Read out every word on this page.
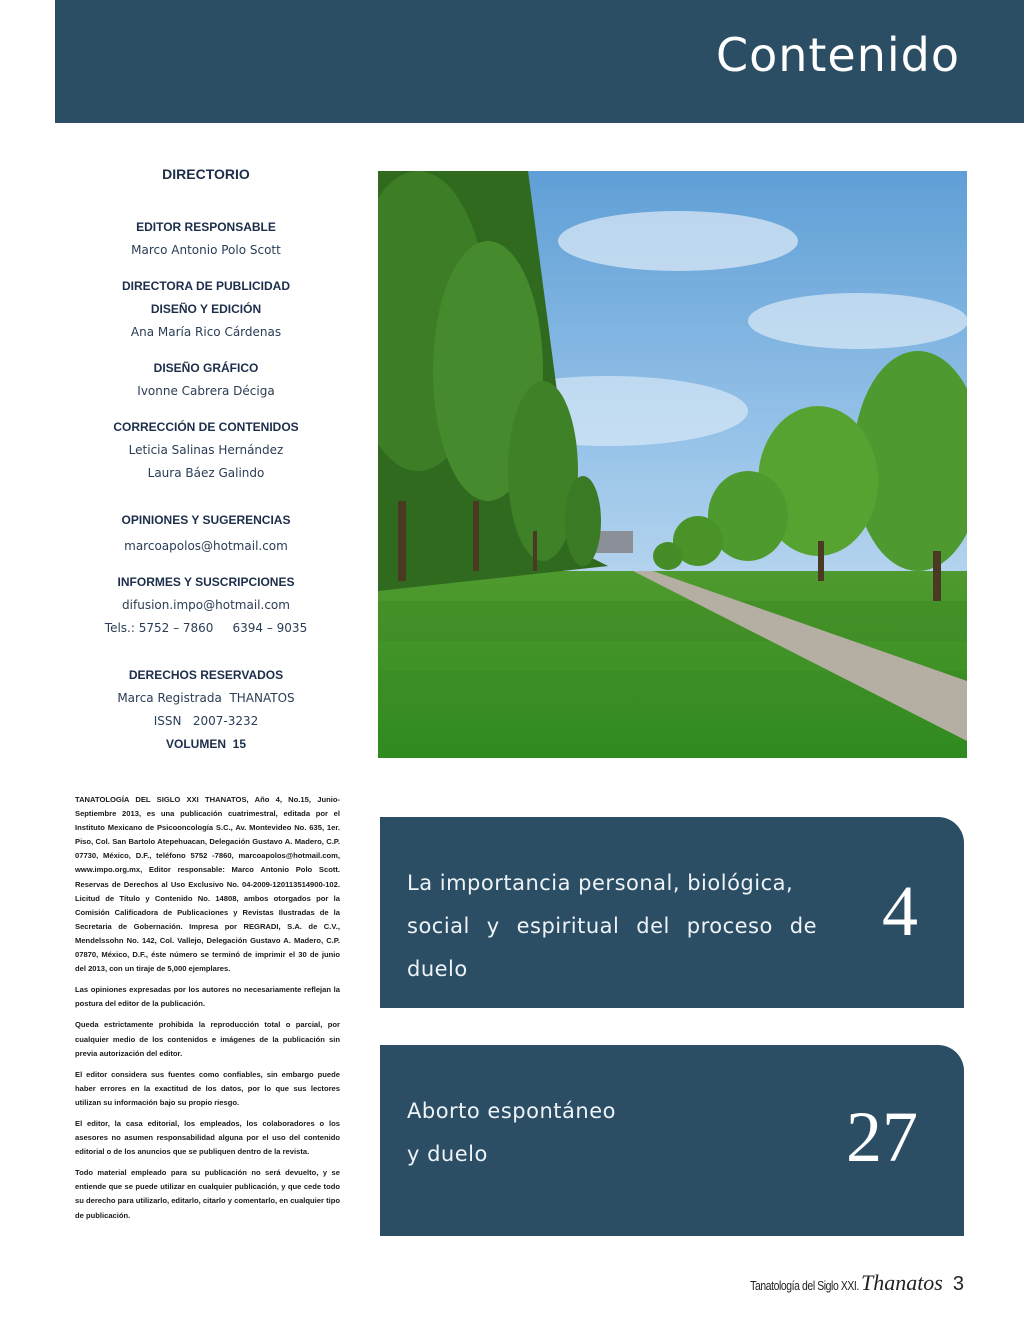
Contenido
DIRECTORIO
EDITOR RESPONSABLE
Marco Antonio Polo Scott
DIRECTORA DE PUBLICIDAD
DISEÑO Y EDICIÓN
Ana María Rico Cárdenas
DISEÑO GRÁFICO
Ivonne Cabrera Déciga
CORRECCIÓN DE CONTENIDOS
Leticia Salinas Hernández
Laura Báez Galindo
OPINIONES Y SUGERENCIAS
marcoapolos@hotmail.com
INFORMES Y SUSCRIPCIONES
difusion.impo@hotmail.com
Tels.: 5752 – 7860     6394 – 9035
DERECHOS RESERVADOS
Marca Registrada  THANATOS
ISSN   2007-3232
VOLUMEN  15

TANATOLOGÍA DEL SIGLO XXI THANATOS, Año 4, No.15, Junio-Septiembre 2013, es una publicación cuatrimestral, editada por el Instituto Mexicano de Psicooncología S.C., Av. Montevideo No. 635, 1er. Piso, Col. San Bartolo Atepehuacan, Delegación Gustavo A. Madero, C.P. 07730, México, D.F., teléfono 5752 -7860, marcoapolos@hotmail.com, www.impo.org.mx, Editor responsable: Marco Antonio Polo Scott. Reservas de Derechos al Uso Exclusivo No. 04-2009-120113514900-102. Licitud de Título y Contenido No. 14808, ambos otorgados por la Comisión Calificadora de Publicaciones y Revistas Ilustradas de la Secretaria de Gobernación. Impresa por REGRADI, S.A. de C.V., Mendelssohn No. 142, Col. Vallejo, Delegación Gustavo A. Madero, C.P. 07870, México, D.F., éste número se terminó de imprimir el 30 de junio del 2013, con un tiraje de 5,000 ejemplares.

Las opiniones expresadas por los autores no necesariamente reflejan la postura del editor de la publicación.

Queda estrictamente prohibida la reproducción total o parcial, por cualquier medio de los contenidos e imágenes de la publicación sin previa autorización del editor.

El editor considera sus fuentes como confiables, sin embargo puede haber errores en la exactitud de los datos, por lo que sus lectores utilizan su información bajo su propio riesgo.

El editor, la casa editorial, los empleados, los colaboradores o los asesores no asumen responsabilidad alguna por el uso del contenido editorial o de los anuncios que se publiquen dentro de la revista.

Todo material empleado para su publicación no será devuelto, y se entiende que se puede utilizar en cualquier publicación, y que cede todo su derecho para utilizarlo, editarlo, citarlo y comentarlo, en cualquier tipo de publicación.

La importancia personal, biológica,
social y espiritual del proceso de duelo
4
Aborto espontáneo
y duelo	27
Tanatología del Siglo XXI. Thanatos 3
